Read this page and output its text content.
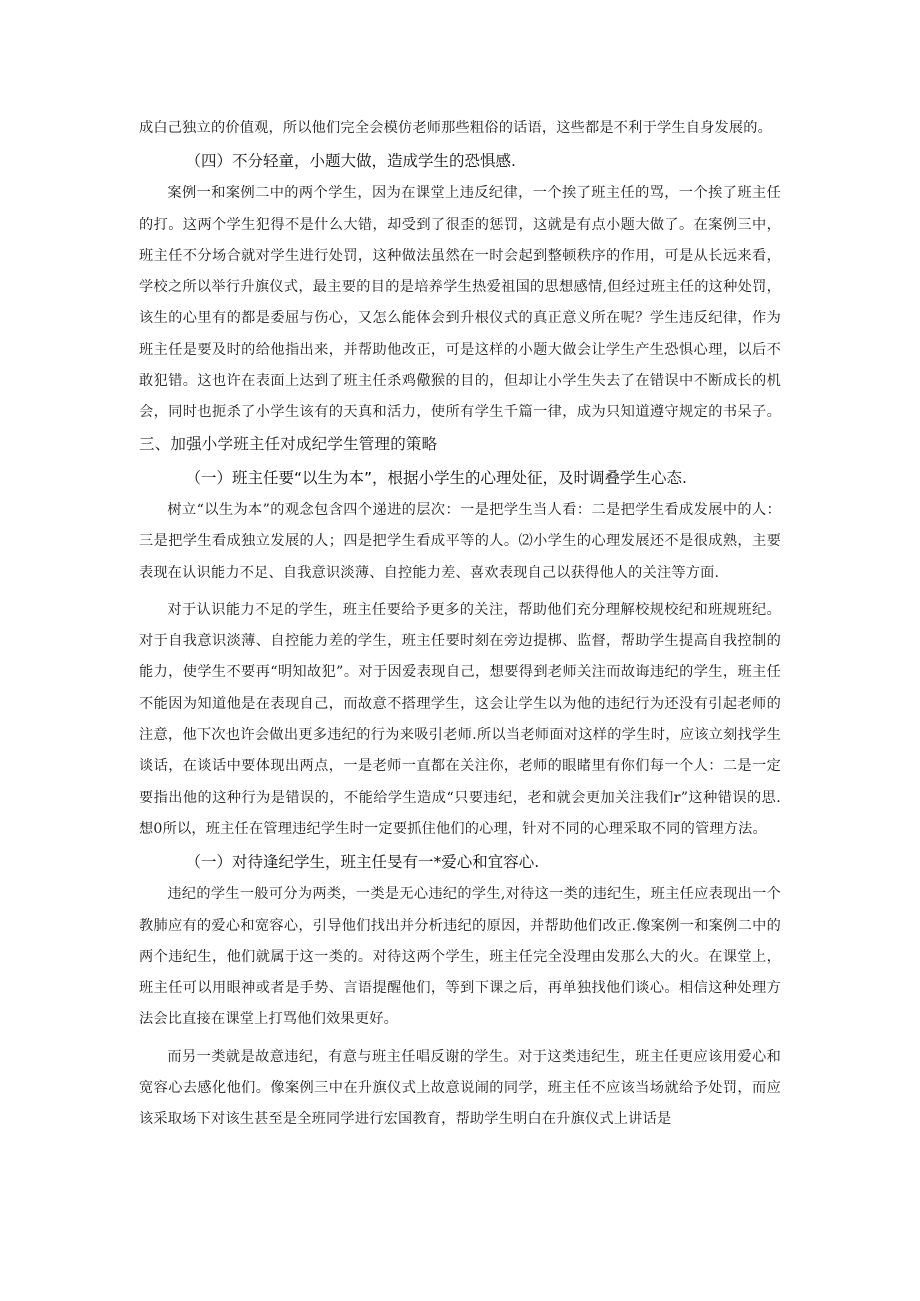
成白己独立的价值观，所以他们完全会模仿老师那些粗俗的话语，这些都是不利于学生自身发展的。

（四）不分轻童，小题大做，造成学生的恐惧感.

案例一和案例二中的两个学生，因为在课堂上违反纪律，一个挨了班主任的骂，一个挨了班主任的打。这两个学生犯得不是什么大错，却受到了很歪的惩罚，这就是有点小题大做了。在案例三中，班主任不分场合就对学生进行处罚，这种做法虽然在一时会起到整顿秩序的作用，可是从长远来看，学校之所以举行升旗仪式，最主要的目的是培养学生热爱祖国的思想感情,但经过班主任的这种处罚，该生的心里有的都是委屈与伤心，又怎么能体会到升根仪式的真正意义所在呢？学生违反纪律，作为班主任是要及时的给他指出来，并帮助他改正，可是这样的小题大做会让学生产生恐惧心理，以后不敢犯错。这也许在表面上达到了班主任杀鸡儆猴的目的，但却让小学生失去了在错误中不断成长的机会，同时也扼杀了小学生该有的天真和活力，使所有学生千篇一律，成为只知道遵守规定的书呆子。三、加强小学班主任对成纪学生管理的策略

（一）班主任要“以生为本”，根据小学生的心理处征，及时调叠学生心态.

树立“以生为本”的观念包含四个递进的层次：一是把学生当人看：二是把学生看成发展中的人：三是把学生看成独立发展的人；四是把学生看成平等的人。⑵小学生的心理发展还不是很成熟，主要表现在认识能力不足、自我意识淡薄、自控能力差、喜欢表现自己以获得他人的关注等方面.

对于认识能力不足的学生，班主任要给予更多的关注，帮助他们充分理解校规校纪和班规班纪。对于自我意识淡薄、自控能力差的学生，班主任要时刻在旁边提梆、监督，帮助学生提高自我控制的能力，使学生不要再“明知故犯”。对于因爱表现自己，想要得到老师关注而故诲违纪的学生，班主任不能因为知道他是在表现自己，而故意不搭理学生，这会让学生以为他的违纪行为还没有引起老师的注意，他下次也许会做出更多违纪的行为来吸引老师.所以当老师面对这样的学生时，应该立刻找学生谈话，在谈话中要体现出两点，一是老师一直都在关注你，老师的眼睹里有你们每一个人：二是一定要指出他的这种行为是错误的，不能给学生造成“只要违纪，老和就会更加关注我们r”这种错误的思.想0所以，班主任在管理违纪学生时一定要抓住他们的心理，针对不同的心理采取不同的管理方法。

（一）对待逢纪学生，班主任旻有一*爱心和宜容心.

违纪的学生一般可分为两类，一类是无心违纪的学生,对待这一类的违纪生，班主任应表现出一个教肺应有的爱心和宽容心，引导他们找出并分析违纪的原因，并帮助他们改正.像案例一和案例二中的两个违纪生，他们就属于这一类的。对待这两个学生，班主任完全没理由发那么大的火。在课堂上，班主任可以用眼神或者是手势、言语提醒他们，等到下课之后，再单独找他们谈心。相信这种处理方法会比直接在课堂上打骂他们效果更好。

而另一类就是故意违纪，有意与班主任唱反谢的学生。对于这类违纪生，班主任更应该用爱心和宽容心去感化他们。像案例三中在升旗仪式上故意说闹的同学，班主任不应该当场就给予处罚，而应该采取场下对该生甚至是全班同学进行宏国教育，帮助学生明白在升旗仪式上讲话是
